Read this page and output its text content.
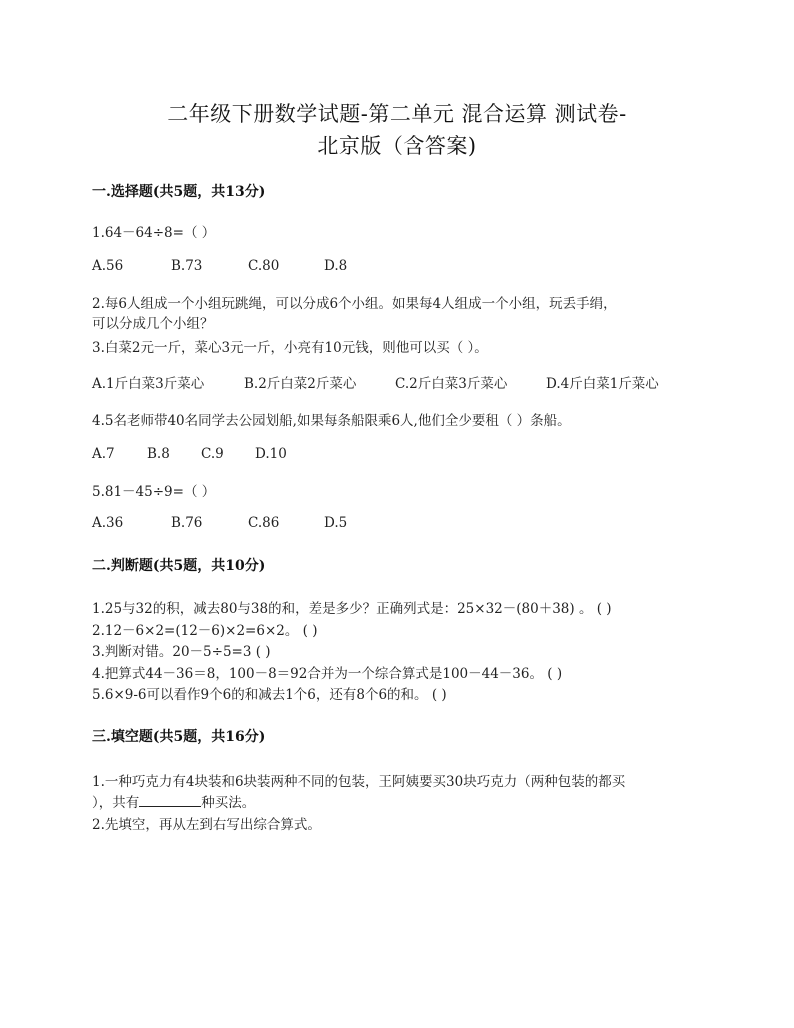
二年级下册数学试题-第二单元 混合运算 测试卷-
北京版（含答案)
一.选择题(共5题，共13分)
1.64－64÷8=（ ）
A.56	B.73	C.80	D.8
2.每6人组成一个小组玩跳绳，可以分成6个小组。如果每4人组成一个小组，玩丢手绢，
可以分成几个小组？
3.白菜2元一斤，菜心3元一斤，小亮有10元钱，则他可以买（ ）。
A.1斤白菜3斤菜心	B.2斤白菜2斤菜心	C.2斤白菜3斤菜心	D.4斤白菜1斤菜心
4.5名老师带40名同学去公园划船,如果每条船限乘6人,他们全少要租（ ）条船。
A.7 B.8 C.9 D.10
5.81－45÷9=（ ）
A.36	B.76	C.86	D.5
二.判断题(共5题，共10分)
1.25与32的积，减去80与38的和，差是多少？正确列式是：25×32－(80＋38) 。 ( )
2.12－6×2=(12－6)×2=6×2。 ( )
3.判断对错。20－5÷5=3 ( )
4.把算式44－36＝8，100－8＝92合并为一个综合算式是100－44－36。 ( )
5.6×9-6可以看作9个6的和减去1个6，还有8个6的和。 ( )
三.填空题(共5题，共16分)
1.一种巧克力有4块装和6块装两种不同的包装，王阿姨要买30块巧克力（两种包装的都买
），共有	种买法。
2.先填空，再从左到右写出综合算式。
